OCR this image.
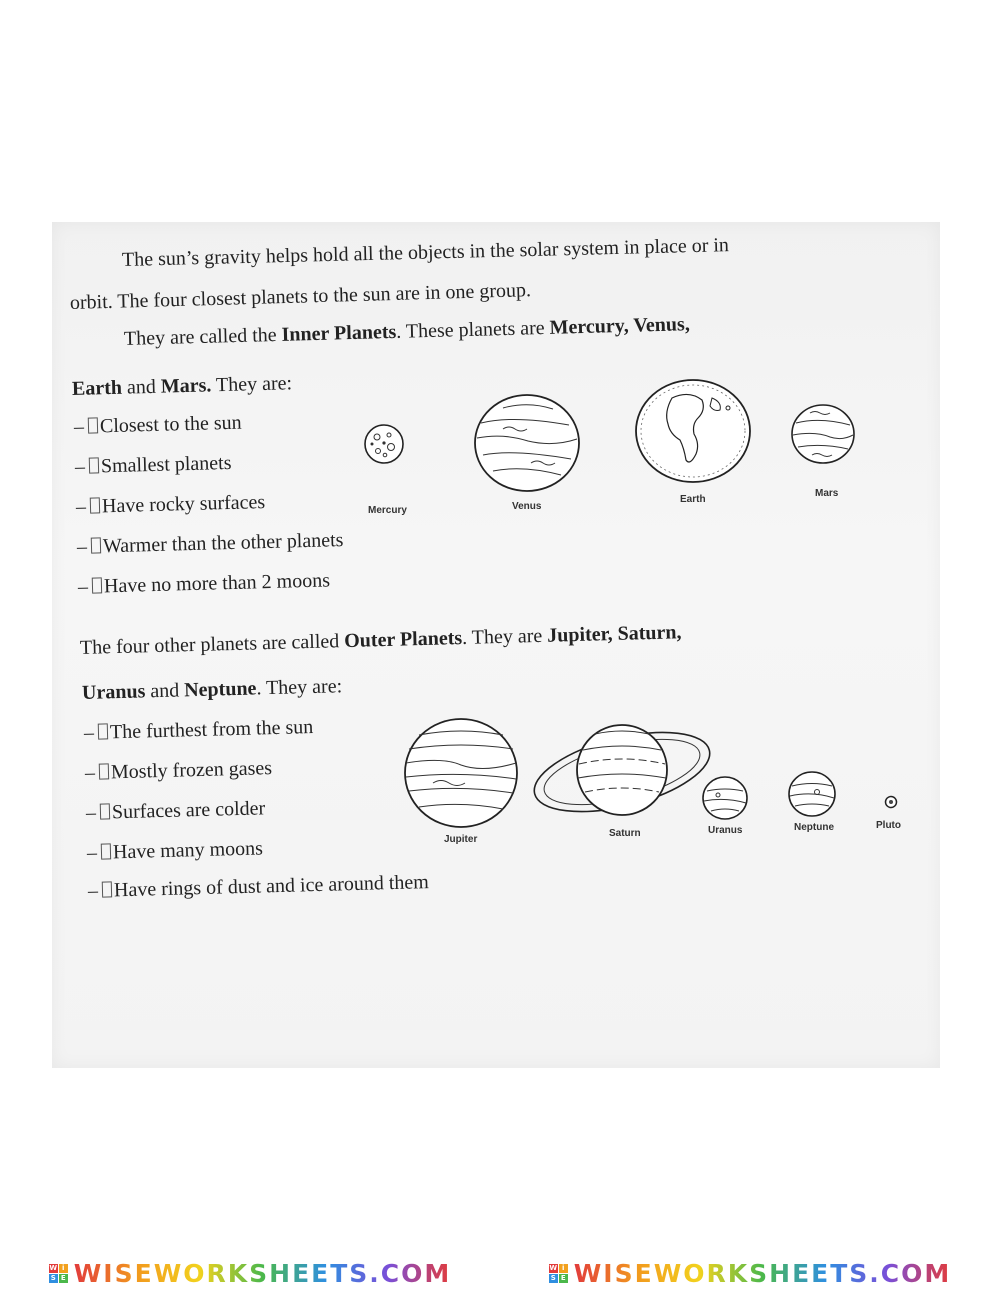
The sun’s gravity helps hold all the objects in the solar system in place or in
orbit. The four closest planets to the sun are in one group.
They are called the Inner Planets. These planets are Mercury, Venus,
Earth and Mars. They are:
– Closest to the sun
– Smallest planets
– Have rocky surfaces
– Warmer than the other planets
– Have no more than 2 moons
The four other planets are called Outer Planets. They are Jupiter, Saturn,
Uranus and Neptune. They are:
– The furthest from the sun
– Mostly frozen gases
– Surfaces are colder
– Have many moons
– Have rings of dust and ice around them
Mercury	Venus
Earth
Mars
Jupiter
Saturn	Uranus	Neptune	Pluto
W i
S E WISEWORKSHEETS.COM	W i
S E WISEWORKSHEETS.COM
